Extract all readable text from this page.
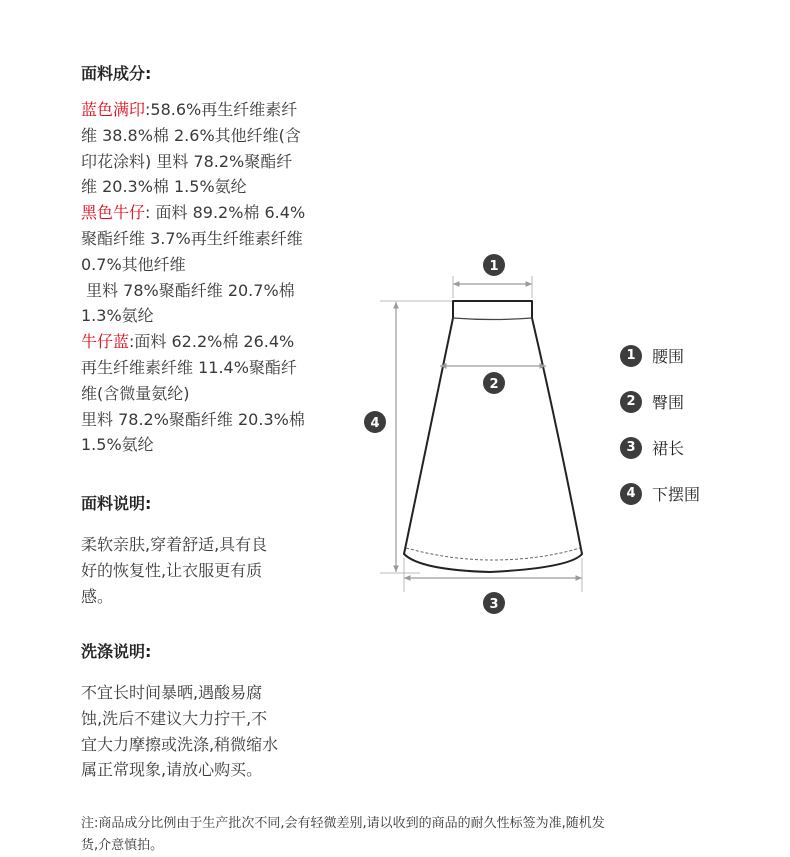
面料成分:
蓝色满印:58.6%再生纤维素纤
维 38.8%棉 2.6%其他纤维(含
印花涂料) 里料 78.2%聚酯纤
维 20.3%棉 1.5%氨纶
黑色牛仔: 面料 89.2%棉 6.4%
聚酯纤维 3.7%再生纤维素纤维
0.7%其他纤维
里料 78%聚酯纤维 20.7%棉
1.3%氨纶
牛仔蓝:面料 62.2%棉 26.4%
再生纤维素纤维 11.4%聚酯纤
维(含微量氨纶)
里料 78.2%聚酯纤维 20.3%棉
1.5%氨纶
面料说明:
柔软亲肤,穿着舒适,具有良
好的恢复性,让衣服更有质
感。
洗涤说明:
不宜长时间暴晒,遇酸易腐
蚀,洗后不建议大力拧干,不
宜大力摩擦或洗涤,稍微缩水
属正常现象,请放心购买。
1
2
3
4
1	腰围
2	臀围
3	裙长
4	下摆围
注:商品成分比例由于生产批次不同,会有轻微差别,请以收到的商品的耐久性标签为准,随机发
货,介意慎拍。
